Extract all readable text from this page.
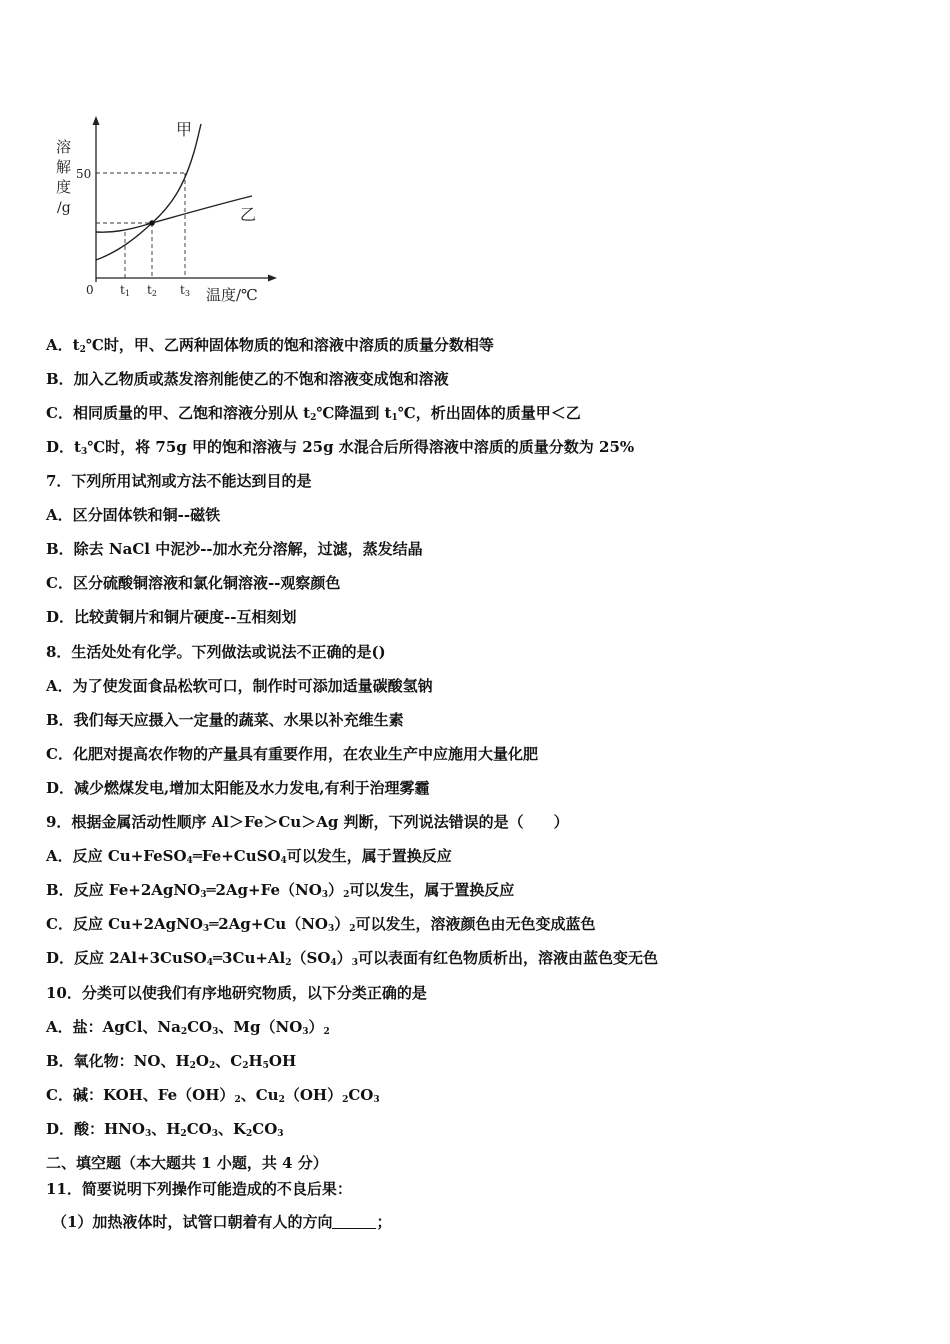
溶
解
度
/g
50
甲
乙
0 t1 t2 t3 温度/℃

A．$t_2℃$时，甲、乙两种固体物质的饱和溶液中溶质的质量分数相等

B．加入乙物质或蒸发溶剂能使乙的不饱和溶液变成饱和溶液

C．相同质量的甲、乙饱和溶液分别从 $t_2℃$降温到 $t_1℃$，析出固体的质量甲＜乙

D．$t_3℃$时，将 75g 甲的饱和溶液与 25g 水混合后所得溶液中溶质的质量分数为 25%

7．下列所用试剂或方法不能达到目的是

A．区分固体铁和铜--磁铁

B．除去 NaCl 中泥沙--加水充分溶解，过滤，蒸发结晶

C．区分硫酸铜溶液和氯化铜溶液--观察颜色

D．比较黄铜片和铜片硬度--互相刻划

8．生活处处有化学。下列做法或说法不正确的是()

A．为了使发面食品松软可口，制作时可添加适量碳酸氢钠

B．我们每天应摄入一定量的蔬菜、水果以补充维生素

C．化肥对提高农作物的产量具有重要作用，在农业生产中应施用大量化肥

D．减少燃煤发电,增加太阳能及水力发电,有利于治理雾霾

9．根据金属活动性顺序 Al＞Fe＞Cu＞Ag 判断，下列说法错误的是（　　）

A．反应 Cu+FeSO$_4$═Fe+CuSO$_4$可以发生，属于置换反应

B．反应 $Fe+2AgNO_3═2Ag+Fe(NO_3)_2$可以发生，属于置换反应

C．反应 $Cu+2AgNO_3═2Ag+Cu(NO_3)_2$可以发生，溶液颜色由无色变成蓝色

D．反应 $2Al+3CuSO_4═3Cu+Al_2(SO_4)_3$可以表面有红色物质析出，溶液由蓝色变无色

10．分类可以使我们有序地研究物质，以下分类正确的是

A．盐：AgCl、$Na_2CO_3$、$Mg(NO_3)_2$

B．氧化物：NO、$H_2O_2$、$C_2H_5OH$

C．碱：KOH、$Fe(OH)_2$、$Cu_2(OH)_2CO_3$

D．酸：$HNO_3$、$H_2CO_3$、$K_2CO_3$

二、填空题（本大题共 1 小题，共 4 分）

11．简要说明下列操作可能造成的不良后果：

（1）加热液体时，试管口朝着有人的方向	；
